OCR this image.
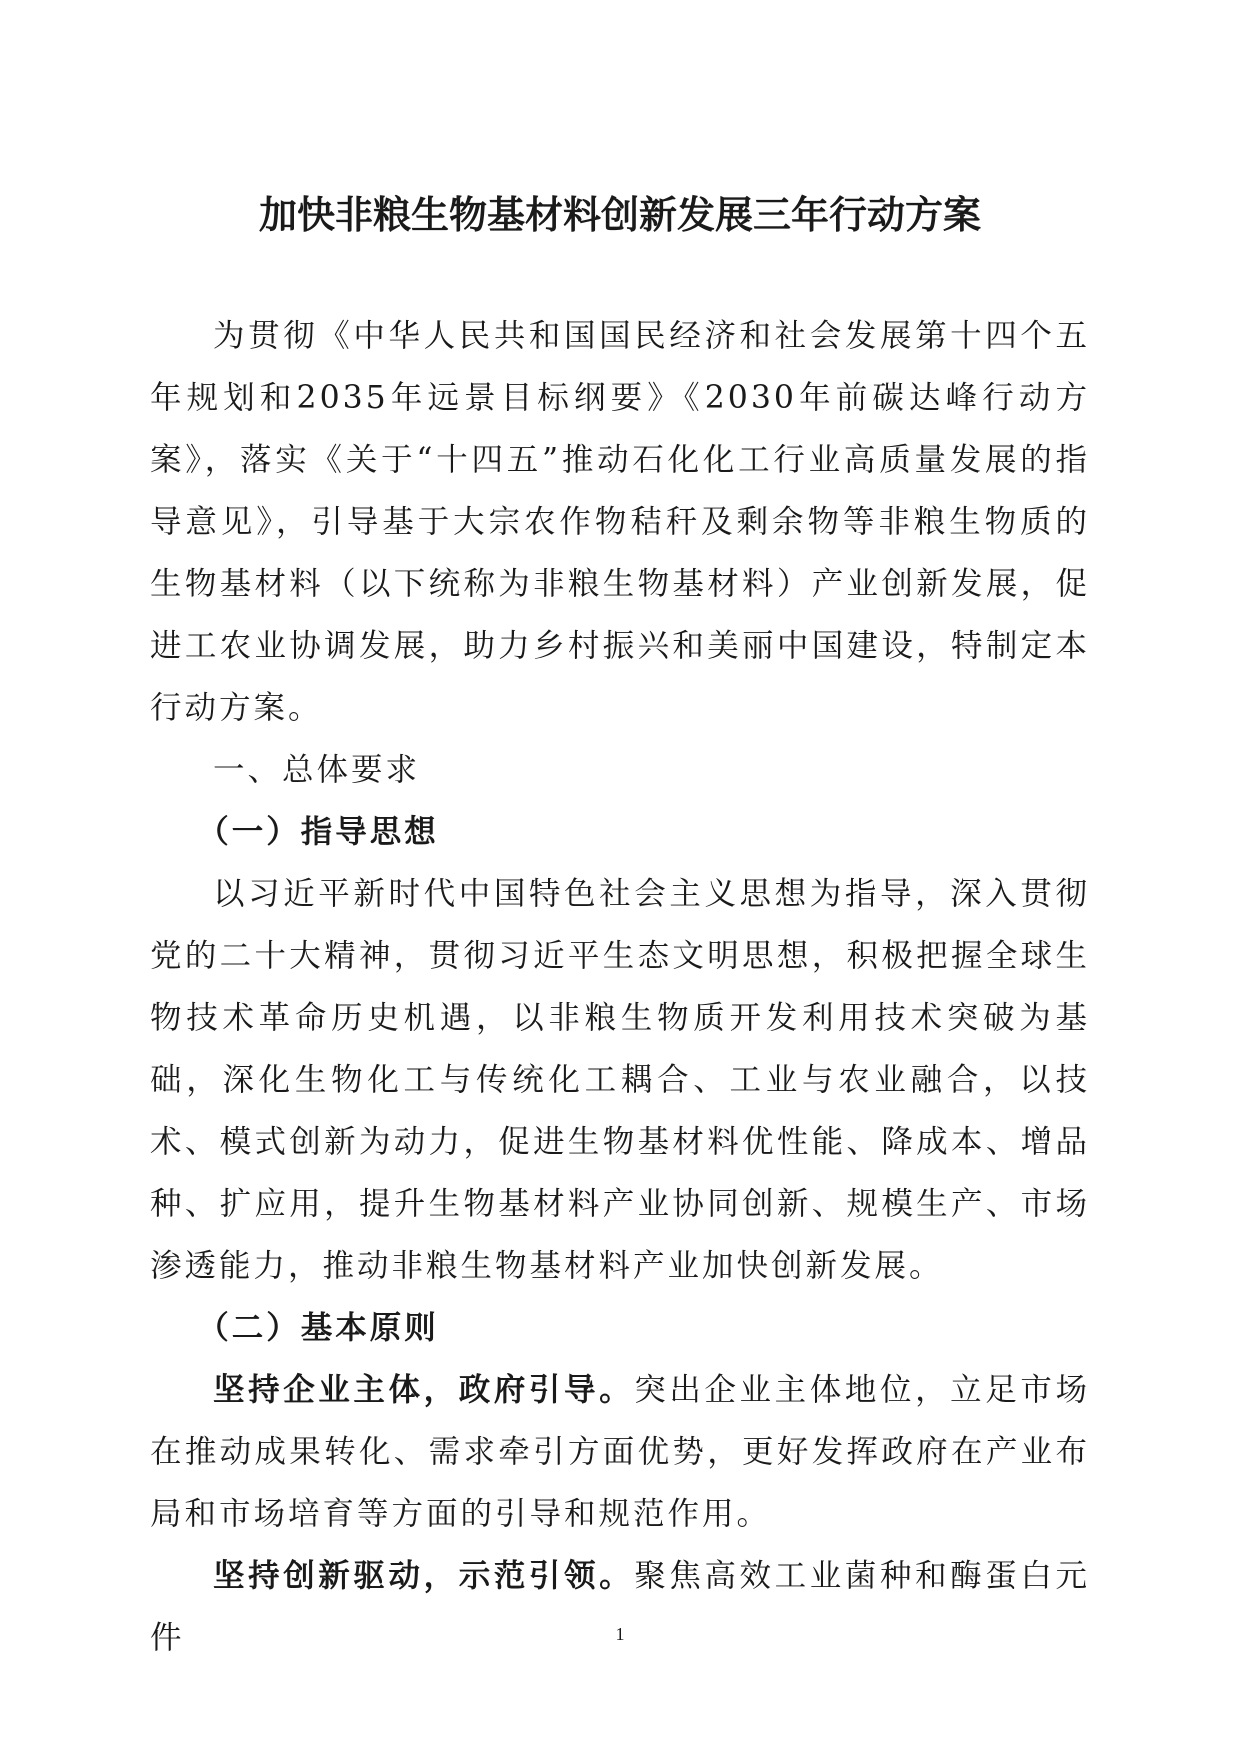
加快非粮生物基材料创新发展三年行动方案

为贯彻《中华人民共和国国民经济和社会发展第十四个五年规划和2035年远景目标纲要》《2030年前碳达峰行动方案》，落实《关于“十四五”推动石化化工行业高质量发展的指导意见》，引导基于大宗农作物秸秆及剩余物等非粮生物质的生物基材料（以下统称为非粮生物基材料）产业创新发展，促进工农业协调发展，助力乡村振兴和美丽中国建设，特制定本行动方案。

一、总体要求

（一）指导思想

以习近平新时代中国特色社会主义思想为指导，深入贯彻党的二十大精神，贯彻习近平生态文明思想，积极把握全球生物技术革命历史机遇，以非粮生物质开发利用技术突破为基础，深化生物化工与传统化工耦合、工业与农业融合，以技术、模式创新为动力，促进生物基材料优性能、降成本、增品种、扩应用，提升生物基材料产业协同创新、规模生产、市场渗透能力，推动非粮生物基材料产业加快创新发展。

（二）基本原则

坚持企业主体，政府引导。突出企业主体地位，立足市场在推动成果转化、需求牵引方面优势，更好发挥政府在产业布局和市场培育等方面的引导和规范作用。

坚持创新驱动，示范引领。聚焦高效工业菌种和酶蛋白元件	1
